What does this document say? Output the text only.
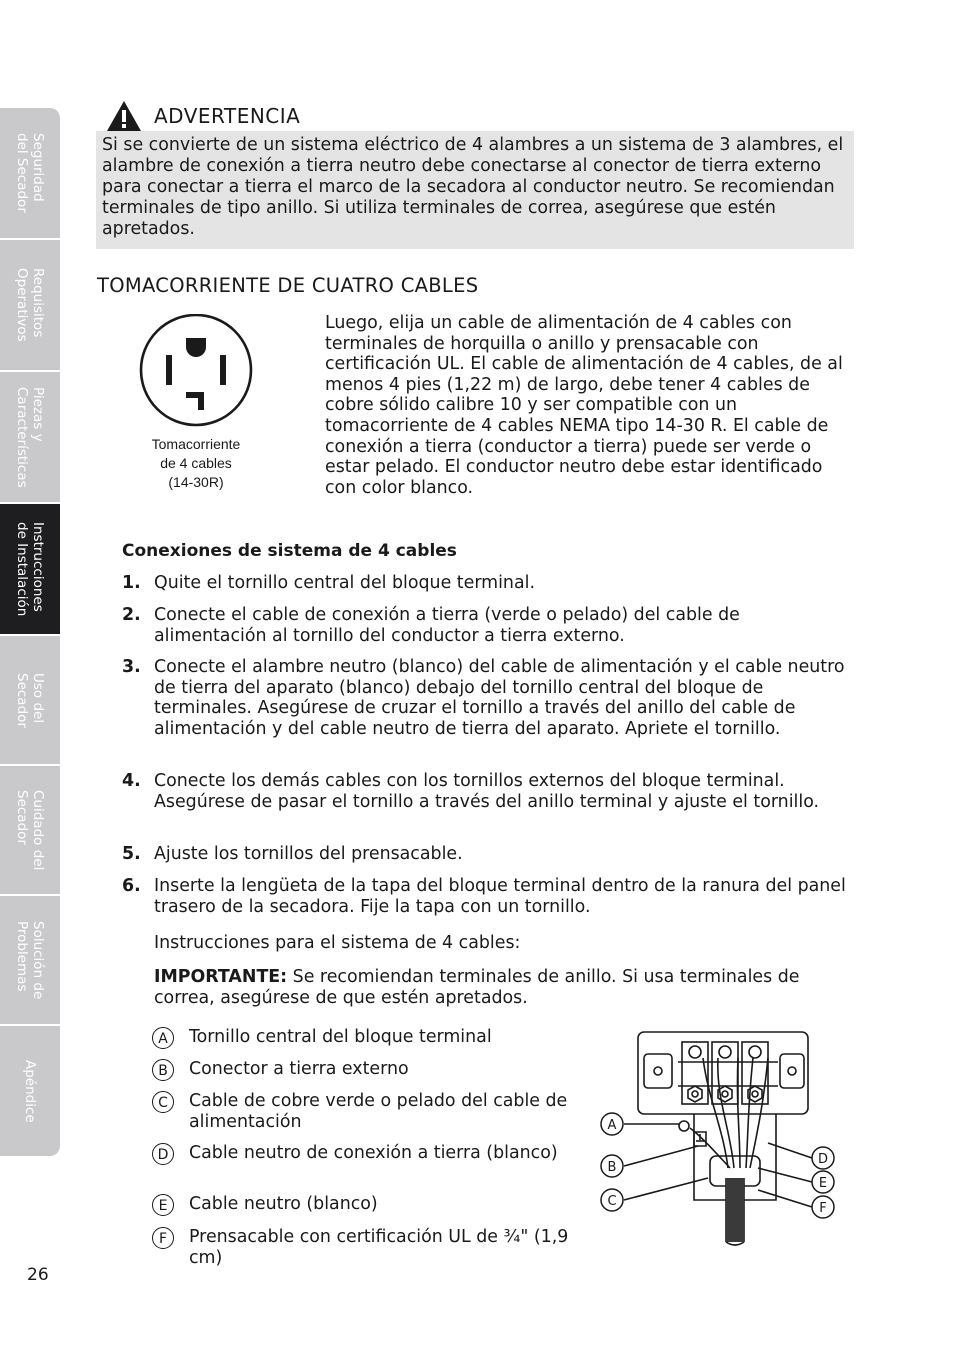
Seguridad
del Secador
Requisitos
Operativos
Piezas y
Características
Instrucciones
de Instalación
Uso del
Secador
Cuidado del
Secador
Solución de
Problemas
Apéndice
ADVERTENCIA

Si se convierte de un sistema eléctrico de 4 alambres a un sistema de 3 alambres, el alambre de conexión a tierra neutro debe conectarse al conector de tierra externo para conectar a tierra el marco de la secadora al conductor neutro. Se recomiendan terminales de tipo anillo. Si utiliza terminales de correa, asegúrese que estén apretados.

TOMACORRIENTE DE CUATRO CABLES
Tomacorriente
de 4 cables
(14-30R)

Luego, elija un cable de alimentación de 4 cables con terminales de horquilla o anillo y prensacable con certificación UL. El cable de alimentación de 4 cables, de al menos 4 pies (1,22 m) de largo, debe tener 4 cables de cobre sólido calibre 10 y ser compatible con un tomacorriente de 4 cables NEMA tipo 14-30 R. El cable de conexión a tierra (conductor a tierra) puede ser verde o estar pelado. El conductor neutro debe estar identificado con color blanco.

Conexiones de sistema de 4 cables
1. Quite el tornillo central del bloque terminal.
2. Conecte el cable de conexión a tierra (verde o pelado) del cable de alimentación al tornillo del conductor a tierra externo.
3. Conecte el alambre neutro (blanco) del cable de alimentación y el cable neutro de tierra del aparato (blanco) debajo del tornillo central del bloque de terminales. Asegúrese de cruzar el tornillo a través del anillo del cable de alimentación y del cable neutro de tierra del aparato. Apriete el tornillo.
4. Conecte los demás cables con los tornillos externos del bloque terminal. Asegúrese de pasar el tornillo a través del anillo terminal y ajuste el tornillo.
5. Ajuste los tornillos del prensacable.
6. Inserte la lengüeta de la tapa del bloque terminal dentro de la ranura del panel trasero de la secadora. Fije la tapa con un tornillo.

Instrucciones para el sistema de 4 cables:

IMPORTANTE: Se recomiendan terminales de anillo. Si usa terminales de correa, asegúrese de que estén apretados.

A	Tornillo central del bloque terminal
B	Conector a tierra externo
C	Cable de cobre verde o pelado del cable de alimentación
D	Cable neutro de conexión a tierra (blanco)
E	Cable neutro (blanco)
F	Prensacable con certificación UL de ¾" (1,9 cm)
A
B
C
D
E
F
26
